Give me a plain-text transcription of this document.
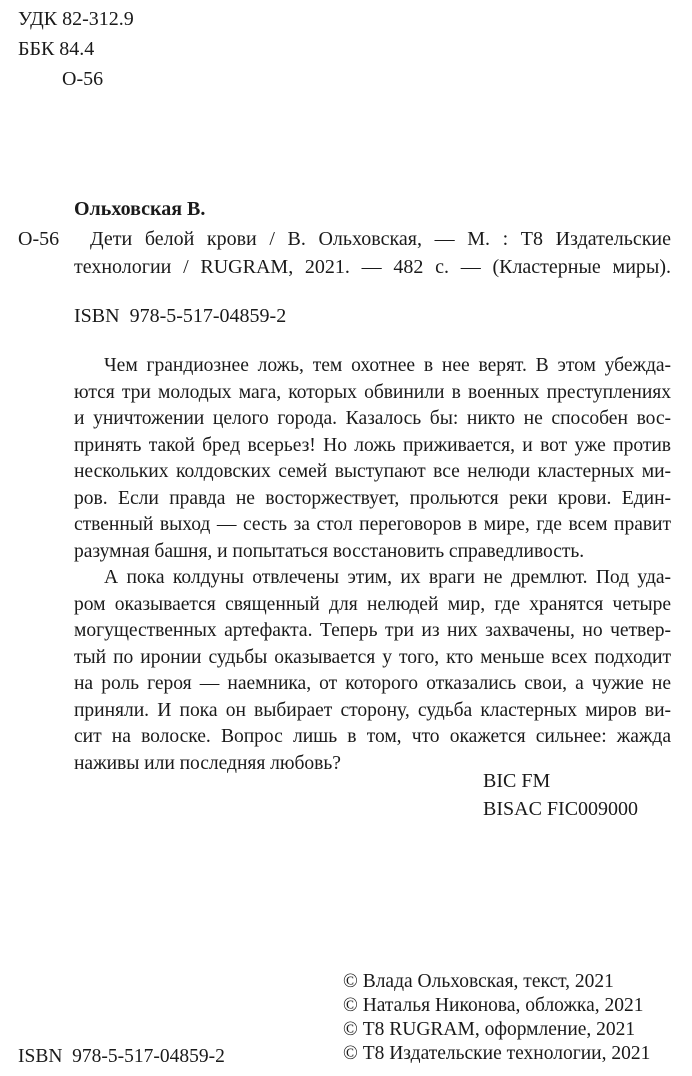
УДК 82-312.9
ББК 84.4
О-56
Ольховская В.
О-56 Дети белой крови / В. Ольховская, — М. : Т8 Издательские
технологии / RUGRAM, 2021. — 482 с. — (Кластерные миры).
ISBN  978-5-517-04859-2
Чем грандиознее ложь, тем охотнее в нее верят. В этом убежда-
ются три молодых мага, которых обвинили в военных преступлениях
и уничтожении целого города. Казалось бы: никто не способен вос-
принять такой бред всерьез! Но ложь приживается, и вот уже против
нескольких колдовских семей выступают все нелюди кластерных ми-
ров. Если правда не восторжествует, прольются реки крови. Един-
ственный выход — сесть за стол переговоров в мире, где всем правит
разумная башня, и попытаться восстановить справедливость.
А пока колдуны отвлечены этим, их враги не дремлют. Под уда-
ром оказывается священный для нелюдей мир, где хранятся четыре
могущественных артефакта. Теперь три из них захвачены, но четвер-
тый по иронии судьбы оказывается у того, кто меньше всех подходит
на роль героя — наемника, от которого отказались свои, а чужие не
приняли. И пока он выбирает сторону, судьба кластерных миров ви-
сит на волоске. Вопрос лишь в том, что окажется сильнее: жажда
наживы или последняя любовь?
BIC FM
BISAC FIC009000
ISBN  978-5-517-04859-2
© Влада Ольховская, текст, 2021
© Наталья Никонова, обложка, 2021
© Т8 RUGRAM, оформление, 2021
© Т8 Издательские технологии, 2021
